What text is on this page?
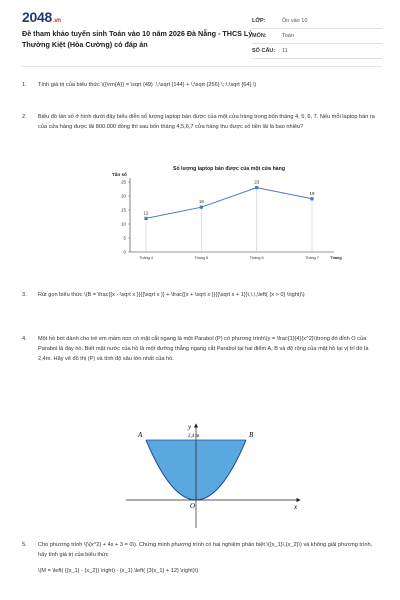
2048.vn
Đề tham khảo tuyển sinh Toán vào 10 năm 2026 Đà Nẵng - THCS Lý Thường Kiệt (Hòa Cường) có đáp án
LỚP:	Ôn vào 10
MÔN:	Toán
SỐ CÂU:	11
1. Tính giá trị của biểu thức \({\rm{A}} = \sqrt {49} .\;\sqrt {144} + \;\sqrt {256} \;:\;\sqrt {64} \)
2. Biểu đồ tần số ở hình dưới đây biểu diễn số lượng laptop bán được của một cửa hàng trong bốn tháng 4, 5, 6, 7. Nếu mỗi laptop bán ra của cửa hàng được lãi 800.000 đồng thì sau bốn tháng 4,5,6,7 cửa hàng thu được số tiền lãi là bao nhiêu?
Số lượng laptop bán được của một cửa hàng
Tần số
0
5
10
15
20
25
Tháng 4	Tháng 5	Tháng 6	Tháng 7	Tháng
12
16
23
19
3. Rút gọn biểu thức \(B = \frac{{x - \sqrt x }}{{\sqrt x }} + \frac{{x + \sqrt x }}{{\sqrt x + 1}}\,\,\,\left( {x > 0} \right)\)
4. Một hồ bơi dành cho trẻ em mầm non có mặt cắt ngang là một Parabol (P) có phương trình\(y = \frac{1}{4}{x^2}\)trong đó đỉnh O của Parabol là đáy hồ. Biết mặt nước của hồ là một đường thẳng ngang cắt Parabol tại hai điểm A, B và độ rộng của mặt hồ tại vị trí đó là 2,4m. Hãy vẽ đồ thị (P) và tính độ sâu lớn nhất của hồ.
A	B
O	x
y
2,4 m
5. Cho phương trình \(\{x^2} + 4x + 3 = 0\). Chứng minh phương trình có hai nghiệm phân biệt \({x_1}\,{x_2}\) và không giải phương trình, hãy tính giá trị của biểu thức
\(M = \left( {{x_1} - {x_2}} \right) - {x_1}.\left( {3{x_1} + 12} \right)\)
